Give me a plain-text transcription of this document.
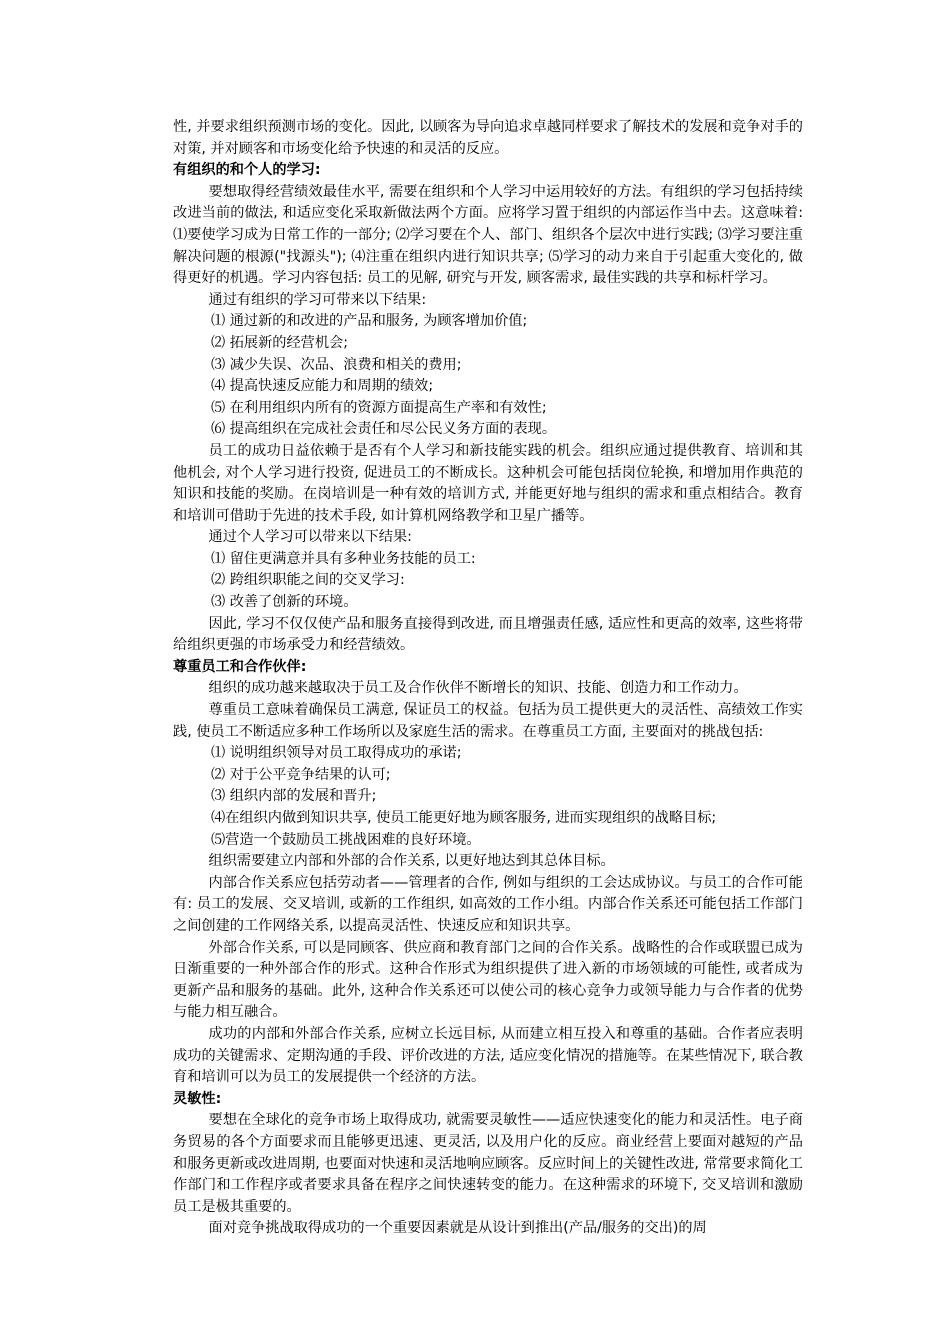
性, 并要求组织预测市场的变化。因此, 以顾客为导向追求卓越同样要求了解技术的发展和竞争对手的对策, 并对顾客和市场变化给予快速的和灵活的反应。

有组织的和个人的学习:

要想取得经营绩效最佳水平, 需要在组织和个人学习中运用较好的方法。有组织的学习包括持续改进当前的做法, 和适应变化采取新做法两个方面。应将学习置于组织的内部运作当中去。这意味着: ⑴要使学习成为日常工作的一部分; ⑵学习要在个人、部门、组织各个层次中进行实践; ⑶学习要注重解决问题的根源("找源头"); ⑷注重在组织内进行知识共享; ⑸学习的动力来自于引起重大变化的, 做得更好的机遇。学习内容包括: 员工的见解, 研究与开发, 顾客需求, 最佳实践的共享和标杆学习。

通过有组织的学习可带来以下结果:

⑴ 通过新的和改进的产品和服务, 为顾客增加价值;

⑵ 拓展新的经营机会;

⑶ 减少失误、次品、浪费和相关的费用;

⑷ 提高快速反应能力和周期的绩效;

⑸ 在利用组织内所有的资源方面提高生产率和有效性;

⑹ 提高组织在完成社会责任和尽公民义务方面的表现。

员工的成功日益依赖于是否有个人学习和新技能实践的机会。组织应通过提供教育、培训和其他机会, 对个人学习进行投资, 促进员工的不断成长。这种机会可能包括岗位轮换, 和增加用作典范的知识和技能的奖励。在岗培训是一种有效的培训方式, 并能更好地与组织的需求和重点相结合。教育和培训可借助于先进的技术手段, 如计算机网络教学和卫星广播等。

通过个人学习可以带来以下结果:

⑴ 留住更满意并具有多种业务技能的员工:

⑵ 跨组织职能之间的交叉学习:

⑶ 改善了创新的环境。

因此, 学习不仅仅使产品和服务直接得到改进, 而且增强责任感, 适应性和更高的效率, 这些将带给组织更强的市场承受力和经营绩效。

尊重员工和合作伙伴:

组织的成功越来越取决于员工及合作伙伴不断增长的知识、技能、创造力和工作动力。

尊重员工意味着确保员工满意, 保证员工的权益。包括为员工提供更大的灵活性、高绩效工作实践, 使员工不断适应多种工作场所以及家庭生活的需求。在尊重员工方面, 主要面对的挑战包括:

⑴ 说明组织领导对员工取得成功的承诺;

⑵ 对于公平竞争结果的认可;

⑶ 组织内部的发展和晋升;

⑷在组织内做到知识共享, 使员工能更好地为顾客服务, 进而实现组织的战略目标;

⑸营造一个鼓励员工挑战困难的良好环境。

组织需要建立内部和外部的合作关系, 以更好地达到其总体目标。

内部合作关系应包括劳动者——管理者的合作, 例如与组织的工会达成协议。与员工的合作可能有: 员工的发展、交叉培训, 或新的工作组织, 如高效的工作小组。内部合作关系还可能包括工作部门之间创建的工作网络关系, 以提高灵活性、快速反应和知识共享。

外部合作关系, 可以是同顾客、供应商和教育部门之间的合作关系。战略性的合作或联盟已成为日渐重要的一种外部合作的形式。这种合作形式为组织提供了进入新的市场领域的可能性, 或者成为更新产品和服务的基础。此外, 这种合作关系还可以使公司的核心竞争力或领导能力与合作者的优势与能力相互融合。

成功的内部和外部合作关系, 应树立长远目标, 从而建立相互投入和尊重的基础。合作者应表明成功的关键需求、定期沟通的手段、评价改进的方法, 适应变化情况的措施等。在某些情况下, 联合教育和培训可以为员工的发展提供一个经济的方法。

灵敏性:

要想在全球化的竞争市场上取得成功, 就需要灵敏性——适应快速变化的能力和灵活性。电子商务贸易的各个方面要求而且能够更迅速、更灵活, 以及用户化的反应。商业经营上要面对越短的产品和服务更新或改进周期, 也要面对快速和灵活地响应顾客。反应时间上的关键性改进, 常常要求简化工作部门和工作程序或者要求具备在程序之间快速转变的能力。在这种需求的环境下, 交叉培训和激励员工是极其重要的。

面对竞争挑战取得成功的一个重要因素就是从设计到推出(产品/服务的交出)的周
